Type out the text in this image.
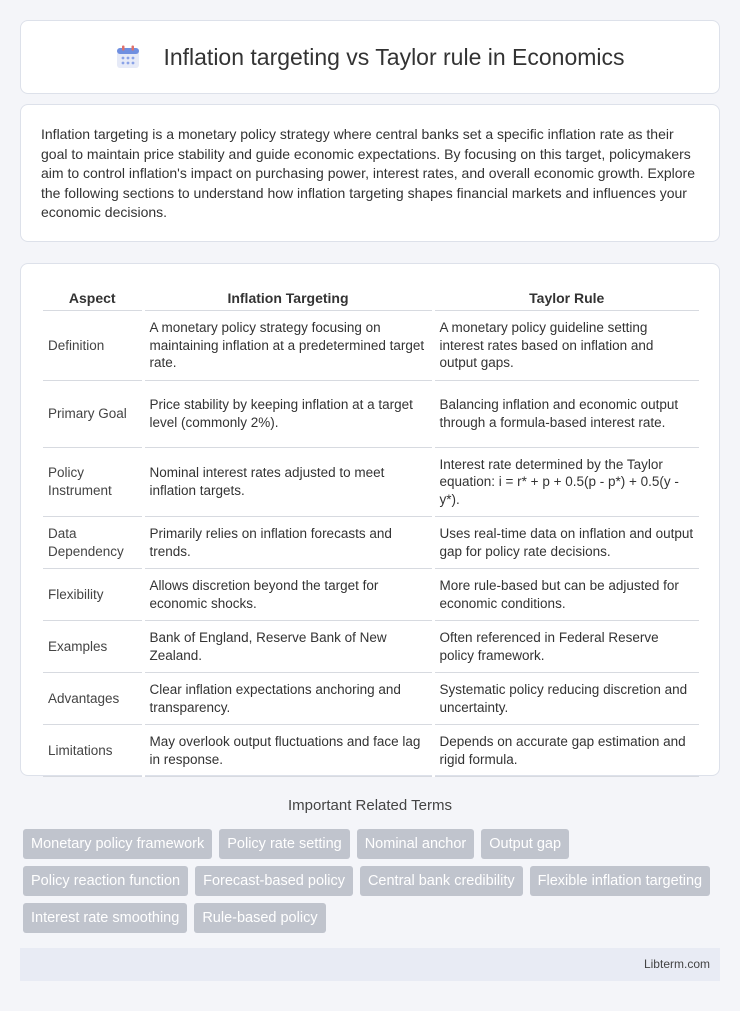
Inflation targeting vs Taylor rule in Economics

Inflation targeting is a monetary policy strategy where central banks set a specific inflation rate as their goal to maintain price stability and guide economic expectations. By focusing on this target, policymakers aim to control inflation's impact on purchasing power, interest rates, and overall economic growth. Explore the following sections to understand how inflation targeting shapes financial markets and influences your economic decisions.

Aspect	Inflation Targeting	Taylor Rule
Definition	A monetary policy strategy focusing on maintaining inflation at a predetermined target rate.	A monetary policy guideline setting interest rates based on inflation and output gaps.
Primary Goal	Price stability by keeping inflation at a target level (commonly 2%).	Balancing inflation and economic output through a formula-based interest rate.
Policy Instrument	Nominal interest rates adjusted to meet inflation targets.	Interest rate determined by the Taylor equation: i = r* + p + 0.5(p - p*) + 0.5(y - y*).
Data Dependency	Primarily relies on inflation forecasts and trends.	Uses real-time data on inflation and output gap for policy rate decisions.
Flexibility	Allows discretion beyond the target for economic shocks.	More rule-based but can be adjusted for economic conditions.
Examples	Bank of England, Reserve Bank of New Zealand.	Often referenced in Federal Reserve policy framework.
Advantages	Clear inflation expectations anchoring and transparency.	Systematic policy reducing discretion and uncertainty.
Limitations	May overlook output fluctuations and face lag in response.	Depends on accurate gap estimation and rigid formula.
Important Related Terms
Monetary policy framework	Policy rate setting	Nominal anchor	Output gap
Policy reaction function	Forecast-based policy	Central bank credibility	Flexible inflation targeting
Interest rate smoothing	Rule-based policy
Libterm.com
